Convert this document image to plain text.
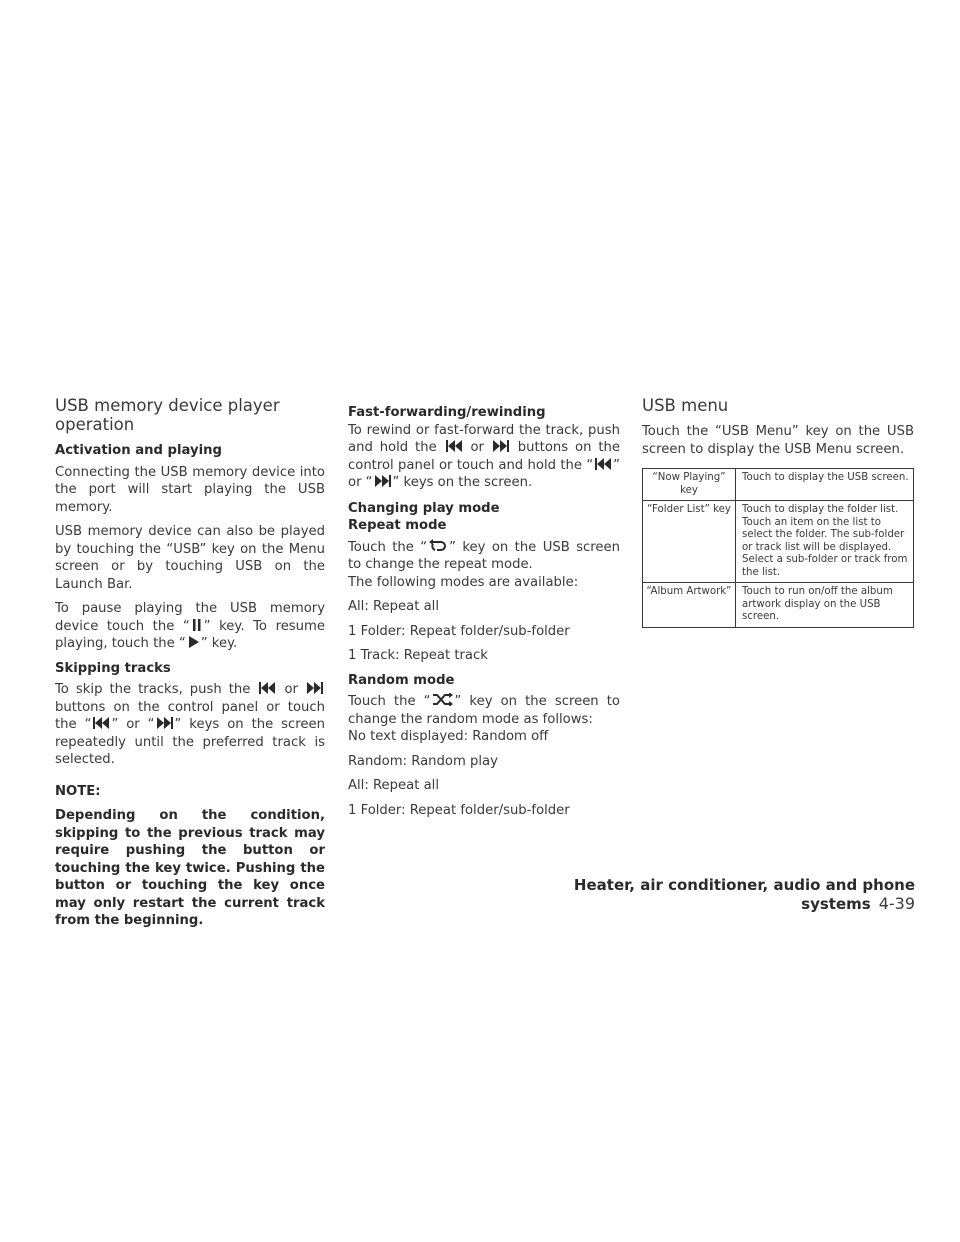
USB memory device player operation
Activation and playing

Connecting the USB memory device into the port will start playing the USB memory.

USB memory device can also be played by touching the “USB” key on the Menu screen or by touching USB on the Launch Bar.

To pause playing the USB memory device touch the “ ” key. To resume playing, touch the “ ” key.

Skipping tracks

To skip the tracks, push the	or  buttons on the control panel or touch the “ ” or “ ” keys on the screen repeatedly until the preferred track is selected.

NOTE:

Depending on the condition, skipping to the previous track may require pushing the button or touching the key twice. Pushing the button or touching the key once may only restart the current track from the beginning.

Fast-forwarding/rewinding

To rewind or fast-forward the track, push and hold the	or	buttons on the control panel or touch and hold the “ ” or “ ” keys on the screen.

Changing play mode
Repeat mode

Touch the “ ” key on the USB screen to change the repeat mode.

The following modes are available:

All: Repeat all

1 Folder: Repeat folder/sub-folder

1 Track: Repeat track

Random mode

Touch the “ ” key on the screen to change the random mode as follows:

No text displayed: Random off

Random: Random play

All: Repeat all

1 Folder: Repeat folder/sub-folder

USB menu

Touch the “USB Menu” key on the USB screen to display the USB Menu screen.

“Now Playing” key	Touch to display the USB screen.
“Folder List” key	Touch to display the folder list. Touch an item on the list to select the folder. The sub-folder or track list will be displayed. Select a sub-folder or track from the list.
“Album Artwork”	Touch to run on/off the album artwork display on the USB screen.
Heater, air conditioner, audio and phone systems 4-39
